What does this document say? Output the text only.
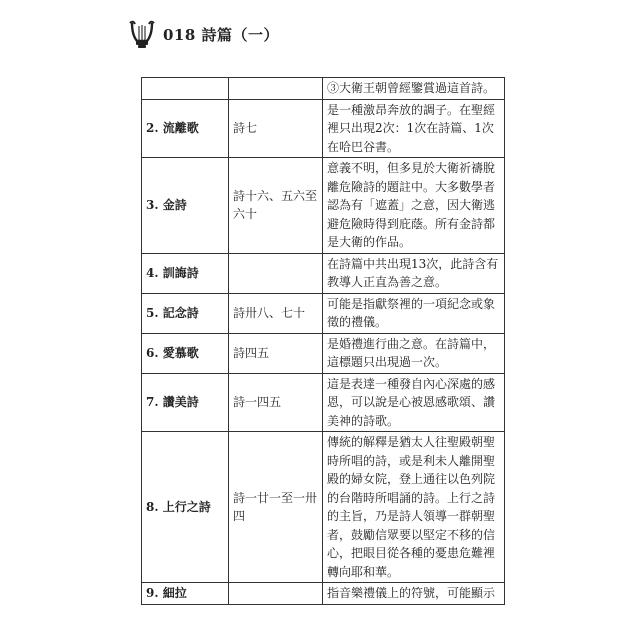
018 詩篇（一）
		③大衛王朝曾經鑒賞過這首詩。
2. 流離歌	詩七	是一種激昂奔放的調子。在聖經裡只出現2次：1次在詩篇、1次在哈巴谷書。
3. 金詩	詩十六、五六至六十	意義不明，但多見於大衛祈禱脫離危險詩的題註中。大多數學者認為有「遮蓋」之意，因大衛逃避危險時得到庇蔭。所有金詩都是大衛的作品。
4. 訓誨詩		在詩篇中共出現13次，此詩含有教導人正直為善之意。
5. 記念詩	詩卅八、七十	可能是指獻祭裡的一項紀念或象徵的禮儀。
6. 愛慕歌	詩四五	是婚禮進行曲之意。在詩篇中，這標題只出現過一次。
7. 讚美詩	詩一四五	這是表達一種發自內心深處的感恩，可以說是心被恩感歌頌、讚美神的詩歌。
8. 上行之詩	詩一廿一至一卅四	傳統的解釋是猶太人往聖殿朝聖時所唱的詩，或是利未人離開聖殿的婦女院，登上通往以色列院的台階時所唱誦的詩。上行之詩的主旨，乃是詩人領導一群朝聖者，鼓勵信眾要以堅定不移的信心，把眼目從各種的憂患危難裡轉向耶和華。
9. 細拉		指音樂禮儀上的符號，可能顯示
